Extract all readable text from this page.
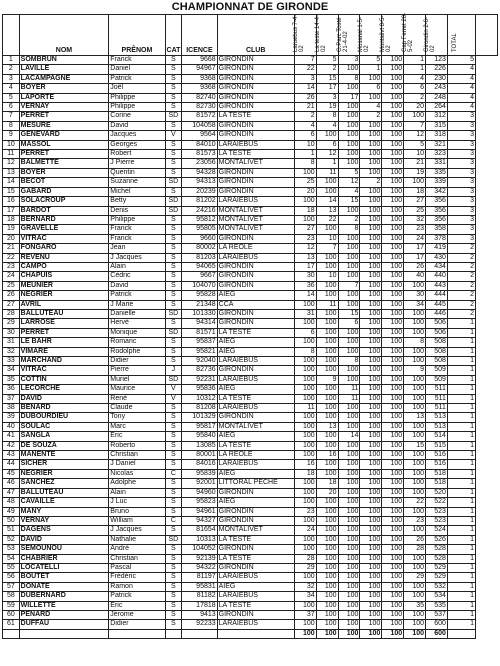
CHAMPIONNAT DE GIRONDE
	NOM	PRÊNOM	CAT	ICENCE	CLUB	Laruebus 7-4-02	La teste 14-4-02	G.Parc Tosté 21-4-02	Mosanal 1-5-02	Montalivt 8-5-02	Cap Ferret 28-5-02	Girondin 2-6-02	TOTAL	
1	SOMBRUN	Franck	S	9668	GIRONDIN	7	5	3	5	100	1	123	5	
2	LAVILLE	Daniel	S	94967	GIRONDIN	22	2	100	1	100	1	226	4	
3	LACAMPAGNE	Patrick	S	9368	GIRONDIN	3	15	8	100	100	4	230	4	
4	BOYER	Joël	S	9368	GIRONDIN	14	17	100	6	100	6	243	4	
5	LAPORTE	Philippe	S	82740	GIRONDIN	26	3	17	100	100	2	248	4	
6	VERNAY	Philippe	S	82730	GIRONDIN	21	19	100	4	100	20	264	4	
7	PERRET	Corine	SD	81572	LA TESTE	2	8	100	2	100	100	312	3	
8	MESURE	David	S	104058	GIRONDIN	4	4	100	100	100	7	315	3	
9	GENEVARD	Jacques	V	9564	GIRONDIN	6	100	100	100	100	12	318	3	
10	MASSOL	Georges	S	84010	LARAIEBUS	10	6	100	100	100	5	321	3	
11	PERRET	Robert	S	81573	LA TESTE	1	12	100	100	100	10	323	3	
12	BALMETTE	J Pierre	S	23056	MONTALIVET	8	1	100	100	100	21	331	3	
13	BOYER	Quentin	S	94328	GIRONDIN	100	11	5	100	100	19	335	3	
14	BECOT	Suzanne	SD	94313	GIRONDIN	25	100	12	2	100	100	339	3	
15	GABARD	Michel	S	20239	GIRONDIN	20	100	4	100	100	18	342	3	
16	SOLACROUP	Betty	SD	81202	LARAIEBUS	100	14	15	100	100	27	356	3	
17	BARDOT	Denis	SD	24216	MONTALIVET	18	13	100	100	100	25	356	3	
18	BERNARD	Philippe	S	95812	MONTALIVET	100	22	2	100	100	32	356	3	
19	GRAVELLE	Franck	S	95805	MONTALIVET	27	100	8	100	100	23	358	3	
20	VITRAC	Franck	S	9660	GIRONDIN	23	10	100	100	100	24	378	3	
21	FONGARO	Jean	S	80002	LA REOLE	12	7	100	100	100	17	419	2	
22	REVENU	J Jacques	S	81203	LARAIEBUS	13	100	100	100	100	17	430	2	
23	CAMPO	Alain	S	94065	GIRONDIN	17	100	100	100	100	26	434	2	
24	CHAPUIS	Cédric	S	9667	GIRONDIN	30	10	100	100	100	40	440	2	
25	MEUNIER	David	S	104070	GIRONDIN	36	100	7	100	100	100	443	2	
26	NEGRIER	Patrick	S	95828	AIEG	14	100	100	100	100	30	444	2	
27	AVRIL	J Marie	S	21348	CCA	100	11	100	100	100	34	445	2	
28	BALLUTEAU	Danielle	SD	101330	GIRONDIN	31	100	15	100	100	100	446	2	
29	LARROSE	Hervé	S	94314	GIRONDIN	100	100	6	100	100	100	506	1	
30	PERRET	Monique	SD	81571	LA TESTE	6	100	100	100	100	100	506	1	
31	LE BAHR	Romaric	S	95837	AIEG	100	100	100	100	100	8	508	1	
32	VIMARE	Rodolphe	S	95821	AIEG	8	100	100	100	100	100	508	1	
33	MARCHAND	Didier	S	92040	LARAIEBUS	100	100	8	100	100	100	508	1	
34	VITRAC	Pierre	J	82736	GIRONDIN	100	100	100	100	100	9	509	1	
35	COTTIN	Muriel	SD	92231	LARAIEBUS	100	9	100	100	100	100	509	1	
36	LECORCHE	Maurice	V	95836	AIEG	100	100	11	100	100	100	511	1	
37	DAVID	René	V	10312	LA TESTE	100	100	11	100	100	100	511	1	
38	BENARD	Claude	S	81208	LARAIEBUS	11	100	100	100	100	100	511	1	
39	DUBOURDIEU	Tony	S	101329	GIRONDIN	100	100	100	100	100	13	513	1	
40	SOULAC	Marc	S	95817	MONTALIVET	100	13	100	100	100	100	513	1	
41	SANGLA	Eric	S	95840	AIEG	100	100	14	100	100	100	514	1	
42	DE SOUZA	Roberto	S	13085	LA TESTE	100	100	100	100	100	15	515	1	
43	MANENTE	Christian	S	80001	LA REOLE	100	16	100	100	100	100	516	1	
44	SICHER	J Daniel	S	84016	LARAIEBUS	16	100	100	100	100	100	516	1	
45	NEGRIER	Nicolas	C	95839	AIEG	18	100	100	100	100	100	518	1	
46	SANCHEZ	Adolphe	S	92001	LITTORAL PECHE	100	18	100	100	100	100	518	1	
47	BALLUTEAU	Alain	S	94960	GIRONDIN	100	20	100	100	100	100	520	1	
48	CAVAILLE	J Luc	S	95823	AIEG	100	100	100	100	100	22	522	1	
49	MANY	Bruno	S	94961	GIRONDIN	23	100	100	100	100	100	523	1	
50	VERNAY	William	C	94327	GIRONDIN	100	100	100	100	100	23	523	1	
51	DAGENS	J Jacques	S	81654	MONTALIVET	24	100	100	100	100	100	524	1	
52	DAVID	Nathalie	SD	10313	LA TESTE	100	100	100	100	100	26	526	1	
53	SEMOUNOU	André	S	104052	GIRONDIN	100	100	100	100	100	28	528	1	
54	CHABRIER	Christian	S	92139	LA TESTE	28	100	100	100	100	100	528	1	
55	LOCATELLI	Pascal	S	94322	GIRONDIN	29	100	100	100	100	100	529	1	
56	BOUTET	Frédéric	S	81197	LARAIEBUS	100	100	100	100	100	29	529	1	
57	DONATE	Ramon	S	95831	AIEG	32	100	100	100	100	100	532	1	
58	DUBERNARD	Patrick	S	81182	LARAIEBUS	34	100	100	100	100	100	534	1	
59	WILLETTE	Eric	S	17818	LA TESTE	100	100	100	100	100	35	535	1	
60	PENARD	Jérome	S	9413	GIRONDIN	37	100	100	100	100	100	537	1	
61	DUFFAU	Didier	S	92233	LARAIEBUS	100	100	100	100	100	100	600	1	
						100	100	100	100	100	100	600		
